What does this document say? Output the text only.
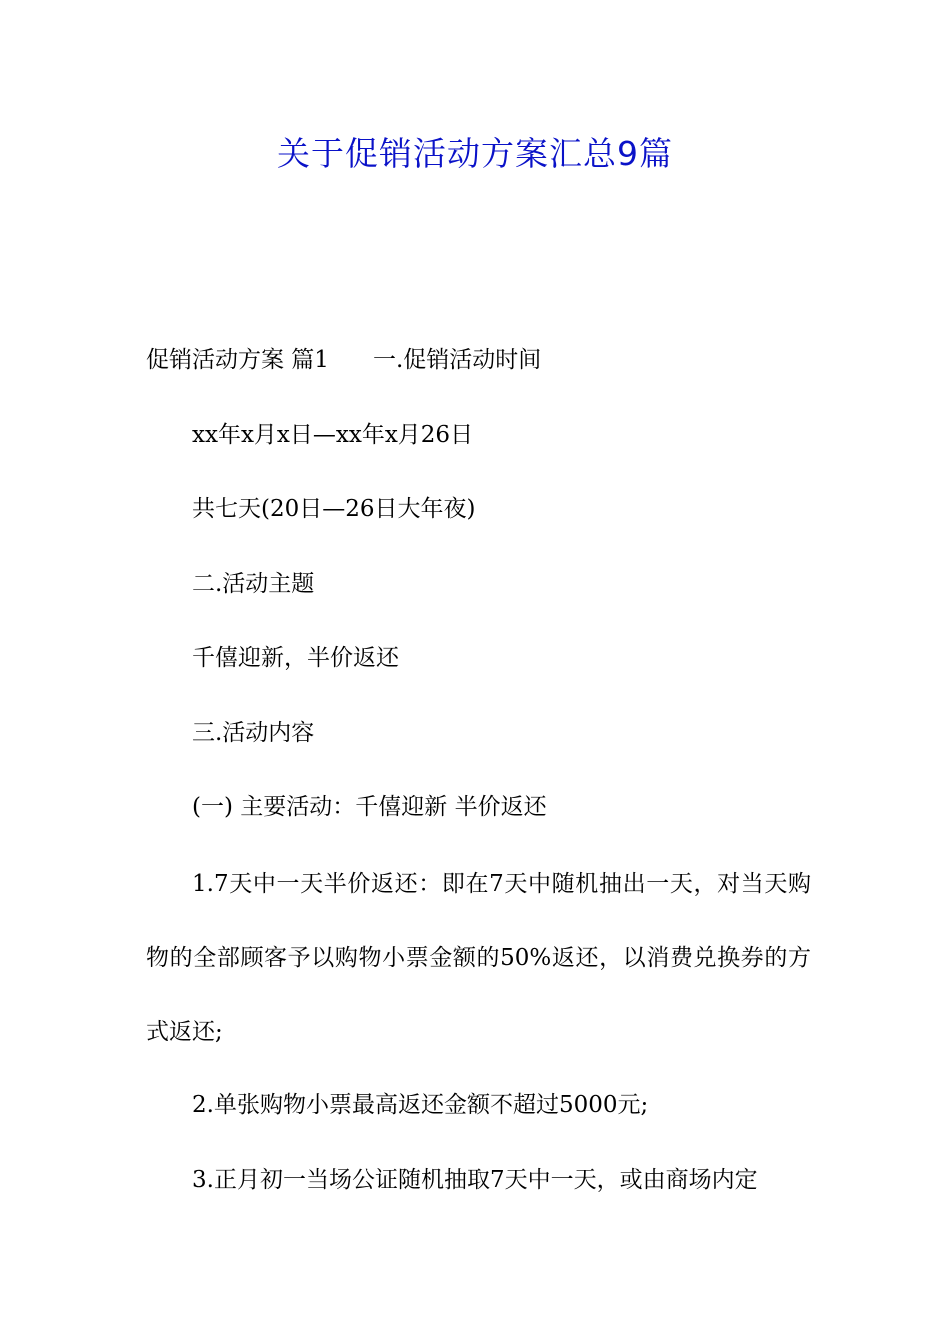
关于促销活动方案汇总9篇
促销活动方案 篇1 一.促销活动时间
xx年x月x日—xx年x月26日
共七天(20日—26日大年夜)
二.活动主题
千僖迎新，半价返还
三.活动内容
(一) 主要活动：千僖迎新 半价返还
1.7天中一天半价返还：即在7天中随机抽出一天，对当天购物的全部顾客予以购物小票金额的50%返还，以消费兑换券的方式返还;
2.单张购物小票最高返还金额不超过5000元;
3.正月初一当场公证随机抽取7天中一天，或由商场内定
